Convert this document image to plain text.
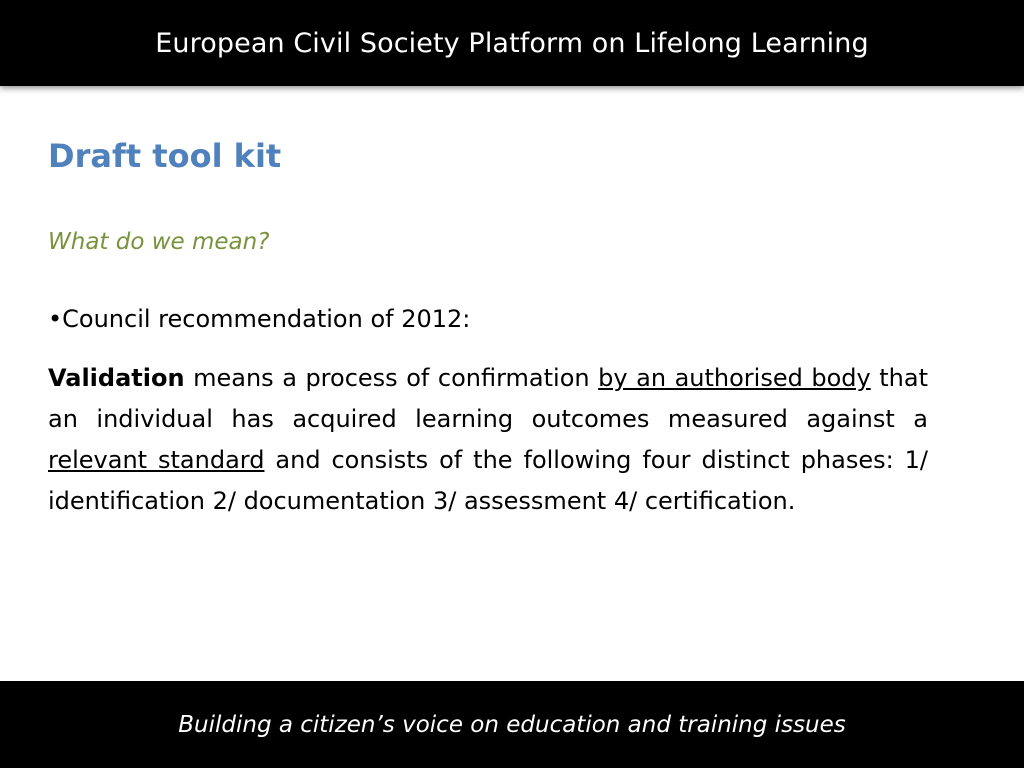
European Civil Society Platform on Lifelong Learning
Draft tool kit

What do we mean?

•Council recommendation of 2012:

Validation means a process of confirmation by an authorised body that an individual has acquired learning outcomes measured against a relevant standard and consists of the following four distinct phases: 1/ identification 2/ documentation 3/ assessment 4/ certification.

Building a citizen’s voice on education and training issues
